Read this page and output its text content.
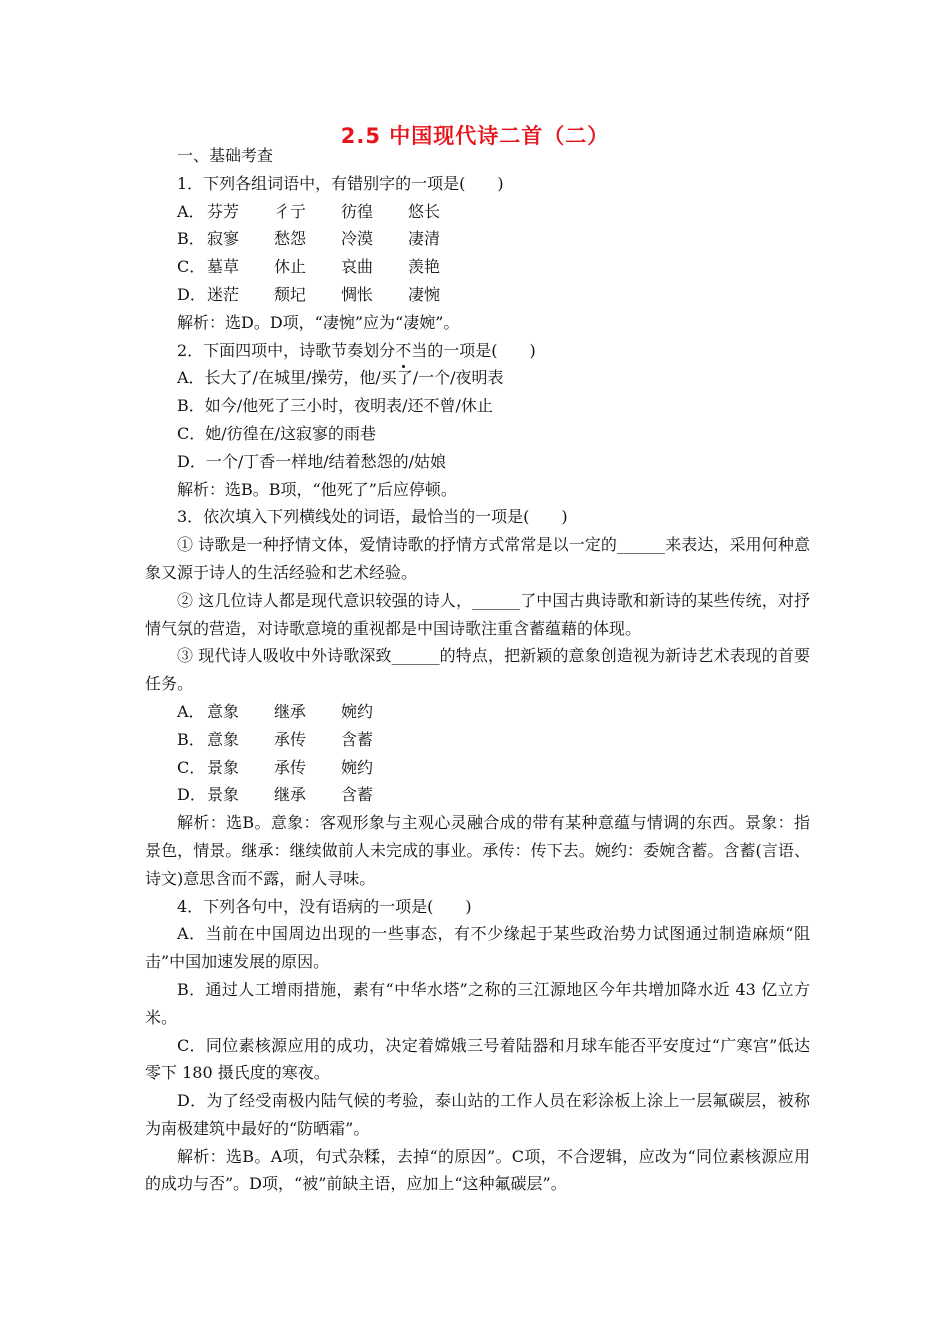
2.5 中国现代诗二首（二）
一、基础考查
1．下列各组词语中，有错别字的一项是(　　)
A． 芬芳	彳亍	彷徨	悠长
B． 寂寥	愁怨	冷漠	凄清
C． 墓草	休止	哀曲	羡艳
D． 迷茫	颓圮	惆怅	凄惋
解析：选D。D项，“凄惋”应为“凄婉”。
2．下面四项中，诗歌节奏划分不当的一项是(　　)
A．长大了/在城里/操劳，他/买了/一个/夜明表
B．如今/他死了三小时，夜明表/还不曾/休止
C．她/彷徨在/这寂寥的雨巷
D．一个/丁香一样地/结着愁怨的/姑娘
解析：选B。B项，“他死了”后应停顿。
3．依次填入下列横线处的词语，最恰当的一项是(　　)
① 诗歌是一种抒情文体，爱情诗歌的抒情方式常常是以一定的______来表达，采用何种意象又源于诗人的生活经验和艺术经验。
② 这几位诗人都是现代意识较强的诗人，______了中国古典诗歌和新诗的某些传统，对抒情气氛的营造，对诗歌意境的重视都是中国诗歌注重含蓄蕴藉的体现。
③ 现代诗人吸收中外诗歌深致______的特点，把新颖的意象创造视为新诗艺术表现的首要任务。
A． 意象	继承	婉约
B． 意象	承传	含蓄
C． 景象	承传	婉约
D． 景象	继承	含蓄
解析：选B。意象：客观形象与主观心灵融合成的带有某种意蕴与情调的东西。景象：指景色，情景。继承：继续做前人未完成的事业。承传：传下去。婉约：委婉含蓄。含蓄(言语、诗文)意思含而不露，耐人寻味。
4．下列各句中，没有语病的一项是(　　)
A．当前在中国周边出现的一些事态，有不少缘起于某些政治势力试图通过制造麻烦“阻击”中国加速发展的原因。
B．通过人工增雨措施，素有“中华水塔”之称的三江源地区今年共增加降水近 43 亿立方米。
C．同位素核源应用的成功，决定着嫦娥三号着陆器和月球车能否平安度过“广寒宫”低达零下 180 摄氏度的寒夜。
D．为了经受南极内陆气候的考验，泰山站的工作人员在彩涂板上涂上一层氟碳层，被称为南极建筑中最好的“防晒霜”。
解析：选B。A项，句式杂糅，去掉“的原因”。C项，不合逻辑，应改为“同位素核源应用的成功与否”。D项，“被”前缺主语，应加上“这种氟碳层”。
